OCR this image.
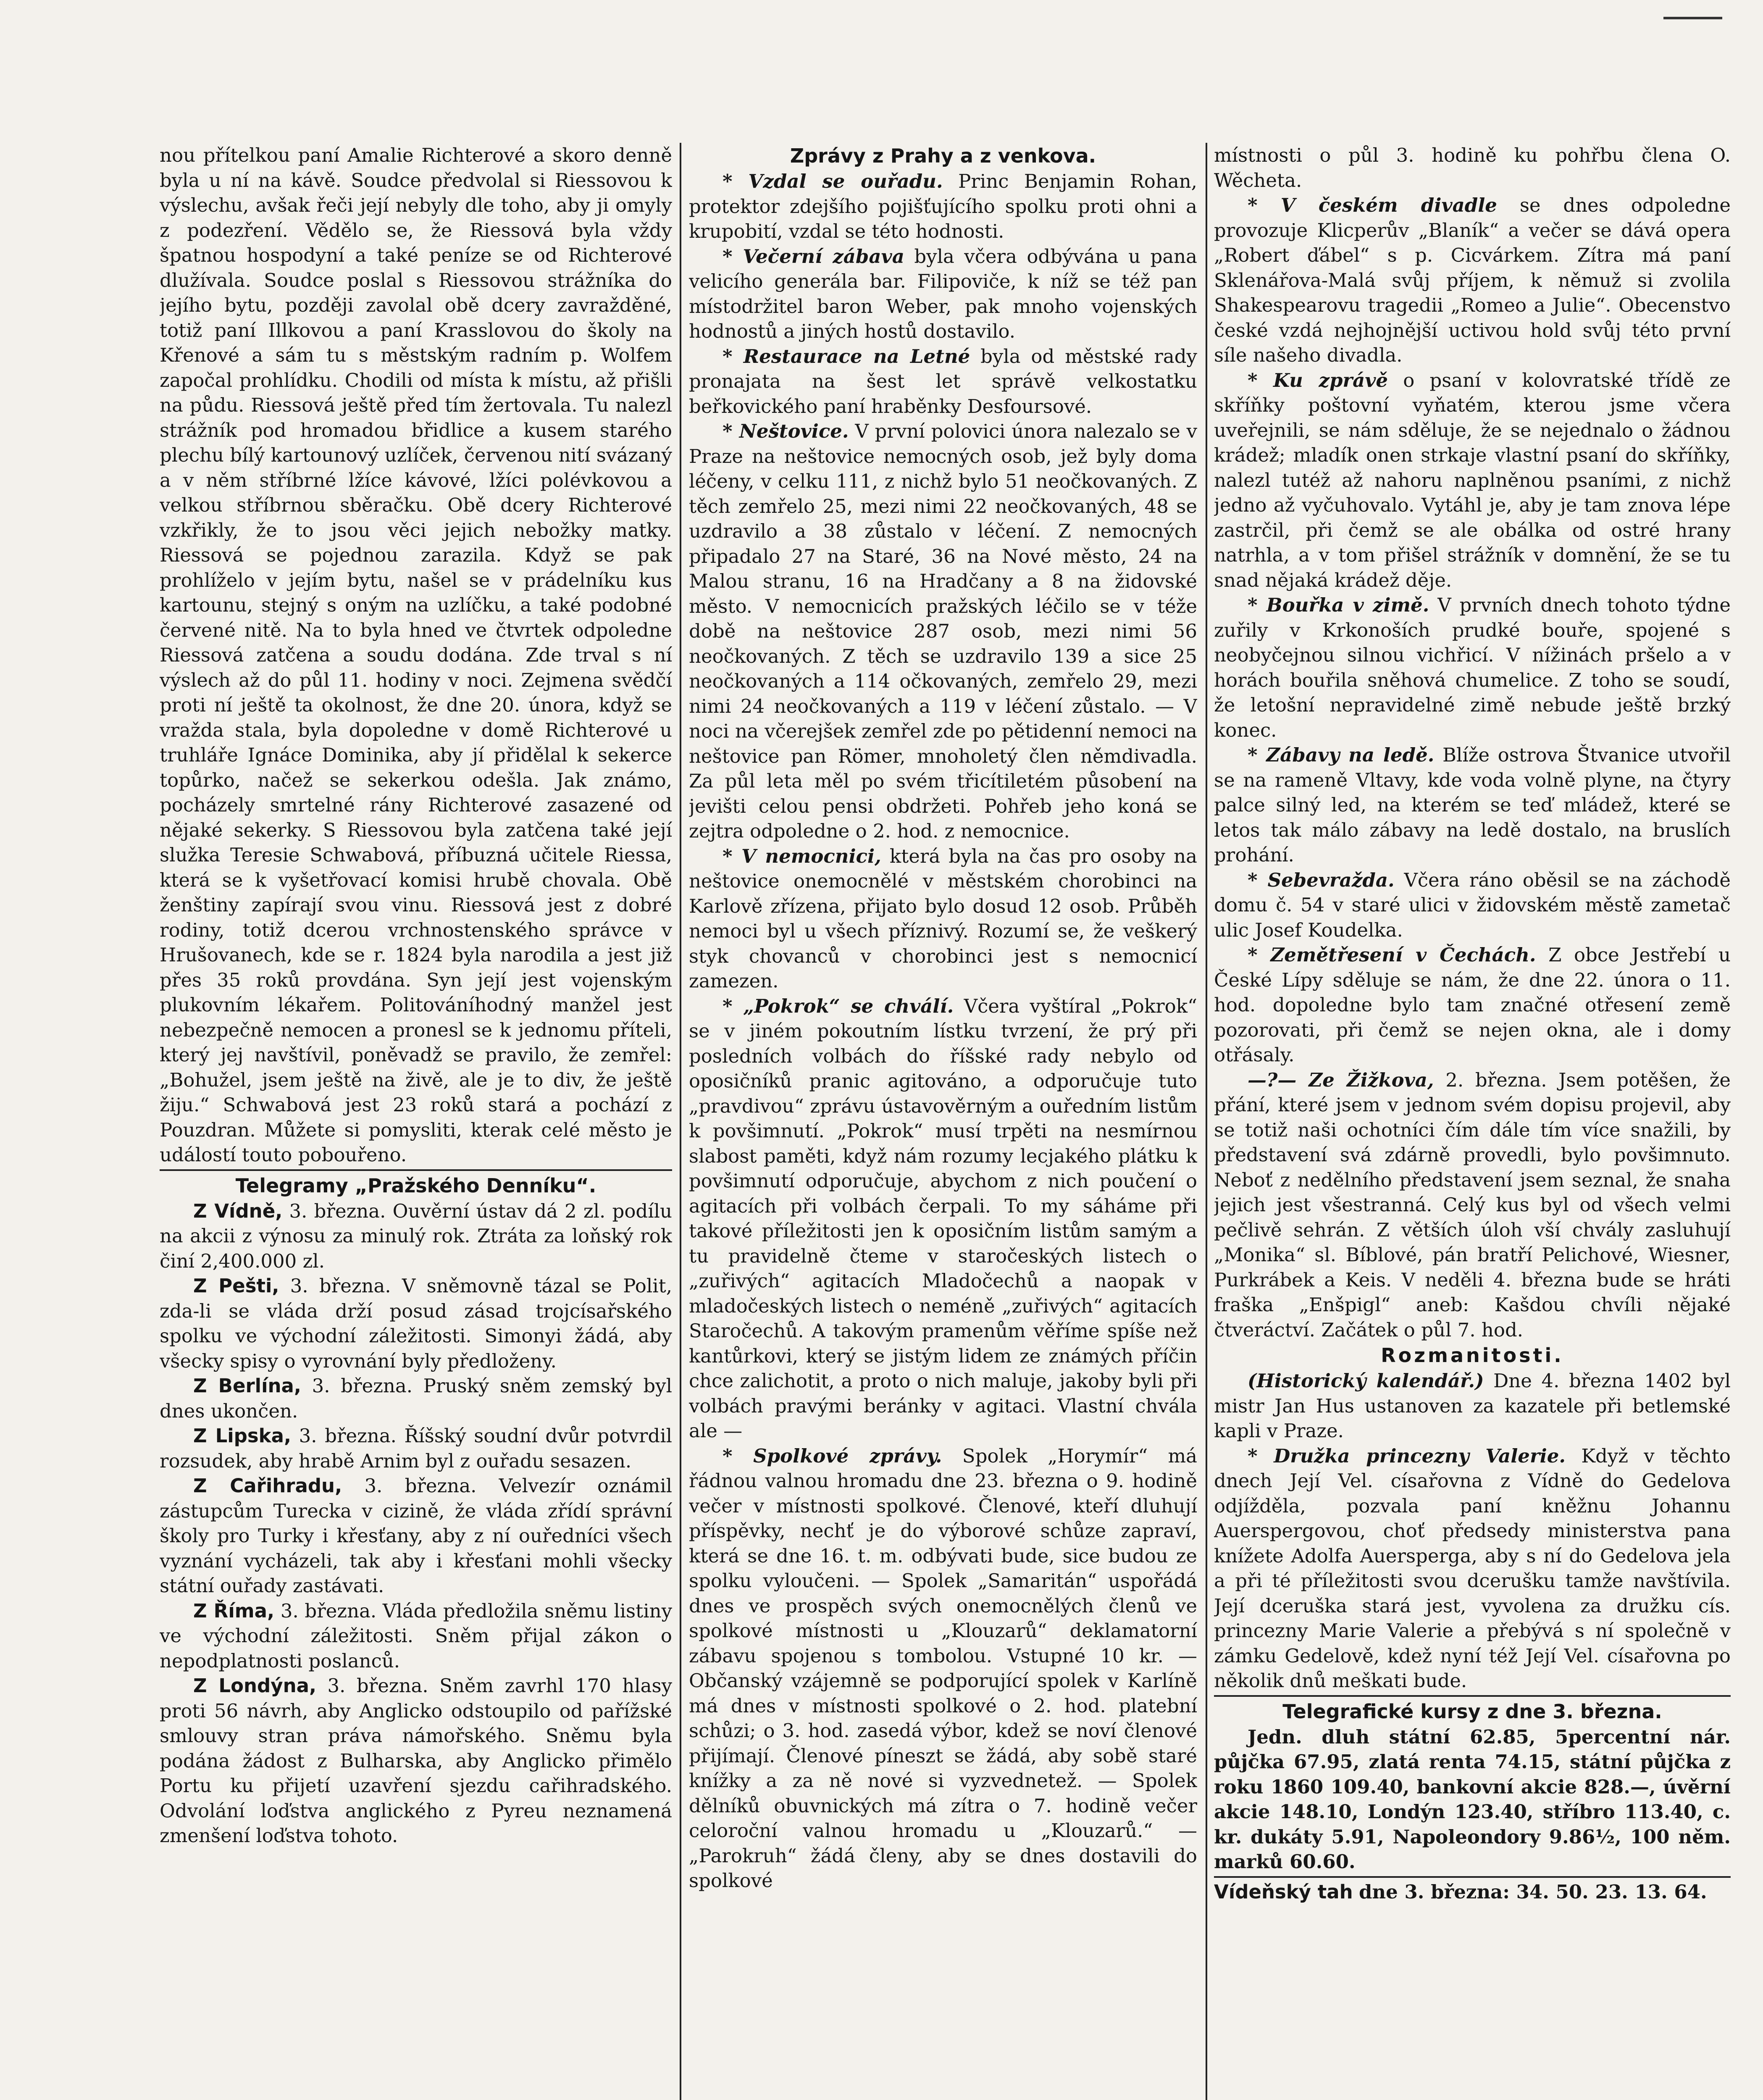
nou přítelkou paní Amalie Richterové a skoro denně byla u ní na kávě. Soudce předvolal si Riessovou k výslechu, avšak řeči její nebyly dle toho, aby ji omyly z podezření. Vědělo se, že Riessová byla vždy špatnou hospodyní a také peníze se od Richterové dlužívala. Soudce poslal s Riessovou strážníka do jejího bytu, později zavolal obě dcery zavražděné, totiž paní Illkovou a paní Krasslovou do školy na Křenové a sám tu s městským radním p. Wolfem započal prohlídku. Chodili od místa k místu, až přišli na půdu. Riessová ještě před tím žertovala. Tu nalezl strážník pod hromadou břidlice a kusem starého plechu bílý kartounový uzlíček, červenou nití svázaný a v něm stříbrné lžíce kávové, lžíci polévkovou a velkou stříbrnou sběračku. Obě dcery Richterové vzkřikly, že to jsou věci jejich nebožky matky. Riessová se pojednou zarazila. Když se pak prohlíželo v jejím bytu, našel se v prádelníku kus kartounu, stejný s oným na uzlíčku, a také podobné červené nitě. Na to byla hned ve čtvrtek odpoledne Riessová zatčena a soudu dodána. Zde trval s ní výslech až do půl 11. hodiny v noci. Zejmena svědčí proti ní ještě ta okolnost, že dne 20. února, když se vražda stala, byla dopoledne v domě Richterové u truhláře Ignáce Dominika, aby jí přidělal k sekerce topůrko, načež se sekerkou odešla. Jak známo, pocházely smrtelné rány Richterové zasazené od nějaké sekerky. S Riessovou byla zatčena také její služka Teresie Schwabová, příbuzná učitele Riessa, která se k vyšetřovací komisi hrubě chovala. Obě ženštiny zapírají svou vinu. Riessová jest z dobré rodiny, totiž dcerou vrchnostenského správce v Hrušovanech, kde se r. 1824 byla narodila a jest již přes 35 roků provdána. Syn její jest vojenským plukovním lékařem. Politováníhodný manžel jest nebezpečně nemocen a pronesl se k jednomu příteli, který jej navštívil, poněvadž se pravilo, že zemřel: „Bohužel, jsem ještě na živě, ale je to div, že ještě žiju.“ Schwabová jest 23 roků stará a pochází z Pouzdran. Můžete si pomysliti, kterak celé město je událostí touto pobouřeno.

Telegramy „Pražského Denníku“.

Z Vídně, 3. března. Ouvěrní ústav dá 2 zl. podílu na akcii z výnosu za minulý rok. Ztráta za loňský rok činí 2,400.000 zl.

Z Pešti, 3. března. V sněmovně tázal se Polit, zda-li se vláda drží posud zásad trojcísařského spolku ve východní záležitosti. Simonyi žádá, aby všecky spisy o vyrovnání byly předloženy.

Z Berlína, 3. března. Pruský sněm zemský byl dnes ukončen.

Z Lipska, 3. března. Říšský soudní dvůr potvrdil rozsudek, aby hrabě Arnim byl z ouřadu sesazen.

Z Cařihradu, 3. března. Velvezír oznámil zástupcům Turecka v cizině, že vláda zřídí správní školy pro Turky i křesťany, aby z ní ouředníci všech vyznání vycházeli, tak aby i křesťani mohli všecky státní ouřady zastávati.

Z Říma, 3. března. Vláda předložila sněmu listiny ve východní záležitosti. Sněm přijal zákon o nepodplatnosti poslanců.

Z Londýna, 3. března. Sněm zavrhl 170 hlasy proti 56 návrh, aby Anglicko odstoupilo od pařížské smlouvy stran práva námořského. Sněmu byla podána žádost z Bulharska, aby Anglicko přimělo Portu ku přijetí uzavření sjezdu cařihradského. Odvolání loďstva anglického z Pyreu neznamená zmenšení loďstva tohoto.

Zprávy z Prahy a z venkova.

* Vzdal se ouřadu. Princ Benjamin Rohan, protektor zdejšího pojišťujícího spolku proti ohni a krupobití, vzdal se této hodnosti.

* Večerní zábava byla včera odbývána u pana velicího generála bar. Filipoviče, k níž se též pan místodržitel baron Weber, pak mnoho vojenských hodnostů a jiných hostů dostavilo.

* Restaurace na Letné byla od městské rady pronajata na šest let správě velkostatku beřkovického paní hraběnky Desfoursové.

* Neštovice. V první polovici února nalezalo se v Praze na neštovice nemocných osob, jež byly doma léčeny, v celku 111, z nichž bylo 51 neočkovaných. Z těch zemřelo 25, mezi nimi 22 neočkovaných, 48 se uzdravilo a 38 zůstalo v léčení. Z nemocných připadalo 27 na Staré, 36 na Nové město, 24 na Malou stranu, 16 na Hradčany a 8 na židovské město. V nemocnicích pražských léčilo se v téže době na neštovice 287 osob, mezi nimi 56 neočkovaných. Z těch se uzdravilo 139 a sice 25 neočkovaných a 114 očkovaných, zemřelo 29, mezi nimi 24 neočkovaných a 119 v léčení zůstalo. — V noci na včerejšek zemřel zde po pětidenní nemoci na neštovice pan Römer, mnoholetý člen němdivadla. Za půl leta měl po svém třicítiletém působení na jevišti celou pensi obdržeti. Pohřeb jeho koná se zejtra odpoledne o 2. hod. z nemocnice.

* V nemocnici, která byla na čas pro osoby na neštovice onemocnělé v městském chorobinci na Karlově zřízena, přijato bylo dosud 12 osob. Průběh nemoci byl u všech příznivý. Rozumí se, že veškerý styk chovanců v chorobinci jest s nemocnicí zamezen.

* „Pokrok“ se chválí. Včera vyštíral „Pokrok“ se v jiném pokoutním lístku tvrzení, že prý při posledních volbách do říšské rady nebylo od oposičníků pranic agitováno, a odporučuje tuto „pravdivou“ zprávu ústavověrným a ouředním listům k povšimnutí. „Pokrok“ musí trpěti na nesmírnou slabost paměti, když nám rozumy lecjakého plátku k povšimnutí odporučuje, abychom z nich poučení o agitacích při volbách čerpali. To my sáháme při takové příležitosti jen k oposičním listům samým a tu pravidelně čteme v staročeských listech o „zuřivých“ agitacích Mladočechů a naopak v mladočeských listech o neméně „zuřivých“ agitacích Staročechů. A takovým pramenům věříme spíše než kantůrkovi, který se jistým lidem ze známých příčin chce zalichotit, a proto o nich maluje, jakoby byli při volbách pravými beránky v agitaci. Vlastní chvála ale —

* Spolkové zprávy. Spolek „Horymír“ má řádnou valnou hromadu dne 23. března o 9. hodině večer v místnosti spolkové. Členové, kteří dluhují příspěvky, nechť je do výborové schůze zapraví, která se dne 16. t. m. odbývati bude, sice budou ze spolku vyloučeni. — Spolek „Samaritán“ uspořádá dnes ve prospěch svých onemocnělých členů ve spolkové místnosti u „Klouzarů“ deklamatorní zábavu spojenou s tombolou. Vstupné 10 kr. — Občanský vzájemně se podporující spolek v Karlíně má dnes v místnosti spolkové o 2. hod. platební schůzi; o 3. hod. zasedá výbor, kdež se noví členové přijímají. Členové píneszt se žádá, aby sobě staré knížky a za ně nové si vyzvednetež. — Spolek dělníků obuvnických má zítra o 7. hodině večer celoroční valnou hromadu u „Klouzarů.“ — „Parokruh“ žádá členy, aby se dnes dostavili do spolkové

místnosti o půl 3. hodině ku pohřbu člena O. Wěcheta.

* V českém divadle se dnes odpoledne provozuje Klicperův „Blaník“ a večer se dává opera „Robert ďábel“ s p. Cicvárkem. Zítra má paní Sklenářova-Malá svůj příjem, k němuž si zvolila Shakespearovu tragedii „Romeo a Julie“. Obecenstvo české vzdá nejhojnější uctivou hold svůj této první síle našeho divadla.

* Ku zprávě o psaní v kolovratské třídě ze skříňky poštovní vyňatém, kterou jsme včera uveřejnili, se nám sděluje, že se nejednalo o žádnou krádež; mladík onen strkaje vlastní psaní do skříňky, nalezl tutéž až nahoru naplněnou psaními, z nichž jedno až vyčuhovalo. Vytáhl je, aby je tam znova lépe zastrčil, při čemž se ale obálka od ostré hrany natrhla, a v tom přišel strážník v domnění, že se tu snad nějaká krádež děje.

* Bouřka v zimě. V prvních dnech tohoto týdne zuřily v Krkonoších prudké bouře, spojené s neobyčejnou silnou vichřicí. V nížinách pršelo a v horách bouřila sněhová chumelice. Z toho se soudí, že letošní nepravidelné zimě nebude ještě brzký konec.

* Zábavy na ledě. Blíže ostrova Štvanice utvořil se na rameně Vltavy, kde voda volně plyne, na čtyry palce silný led, na kterém se teď mládež, které se letos tak málo zábavy na ledě dostalo, na bruslích prohání.

* Sebevražda. Včera ráno oběsil se na záchodě domu č. 54 v staré ulici v židovském městě zametač ulic Josef Koudelka.

* Zemětřesení v Čechách. Z obce Jestřebí u České Lípy sděluje se nám, že dne 22. února o 11. hod. dopoledne bylo tam značné otřesení země pozorovati, při čemž se nejen okna, ale i domy otřásaly.

—?— Ze Žižkova, 2. března. Jsem potěšen, že přání, které jsem v jednom svém dopisu projevil, aby se totiž naši ochotníci čím dále tím více snažili, by představení svá zdárně provedli, bylo povšimnuto. Neboť z nedělního představení jsem seznal, že snaha jejich jest všestranná. Celý kus byl od všech velmi pečlivě sehrán. Z větších úloh vší chvály zasluhují „Monika“ sl. Bíblové, pán bratří Pelichové, Wiesner, Purkrábek a Keis. V neděli 4. března bude se hráti fraška „Enšpigl“ aneb: Kašdou chvíli nějaké čtveráctví. Začátek o půl 7. hod.

Rozmanitosti.

(Historický kalendář.) Dne 4. března 1402 byl mistr Jan Hus ustanoven za kazatele při betlemské kapli v Praze.

* Družka princezny Valerie. Když v těchto dnech Její Vel. císařovna z Vídně do Gedelova odjížděla, pozvala paní kněžnu Johannu Auerspergovou, choť předsedy ministerstva pana knížete Adolfa Auersperga, aby s ní do Gedelova jela a při té příležitosti svou dcerušku tamže navštívila. Její dceruška stará jest, vyvolena za družku cís. princezny Marie Valerie a přebývá s ní společně v zámku Gedelově, kdež nyní též Její Vel. císařovna po několik dnů meškati bude.

Telegrafické kursy z dne 3. března.

Jedn. dluh státní 62.85, 5percentní nár. půjčka 67.95, zlatá renta 74.15, státní půjčka z roku 1860 109.40, bankovní akcie 828.—, úvěrní akcie 148.10, Londýn 123.40, stříbro 113.40, c. kr. dukáty 5.91, Napoleondory 9.86½, 100 něm. marků 60.60.

Vídeňský tah dne 3. března: 34. 50. 23. 13. 64.
